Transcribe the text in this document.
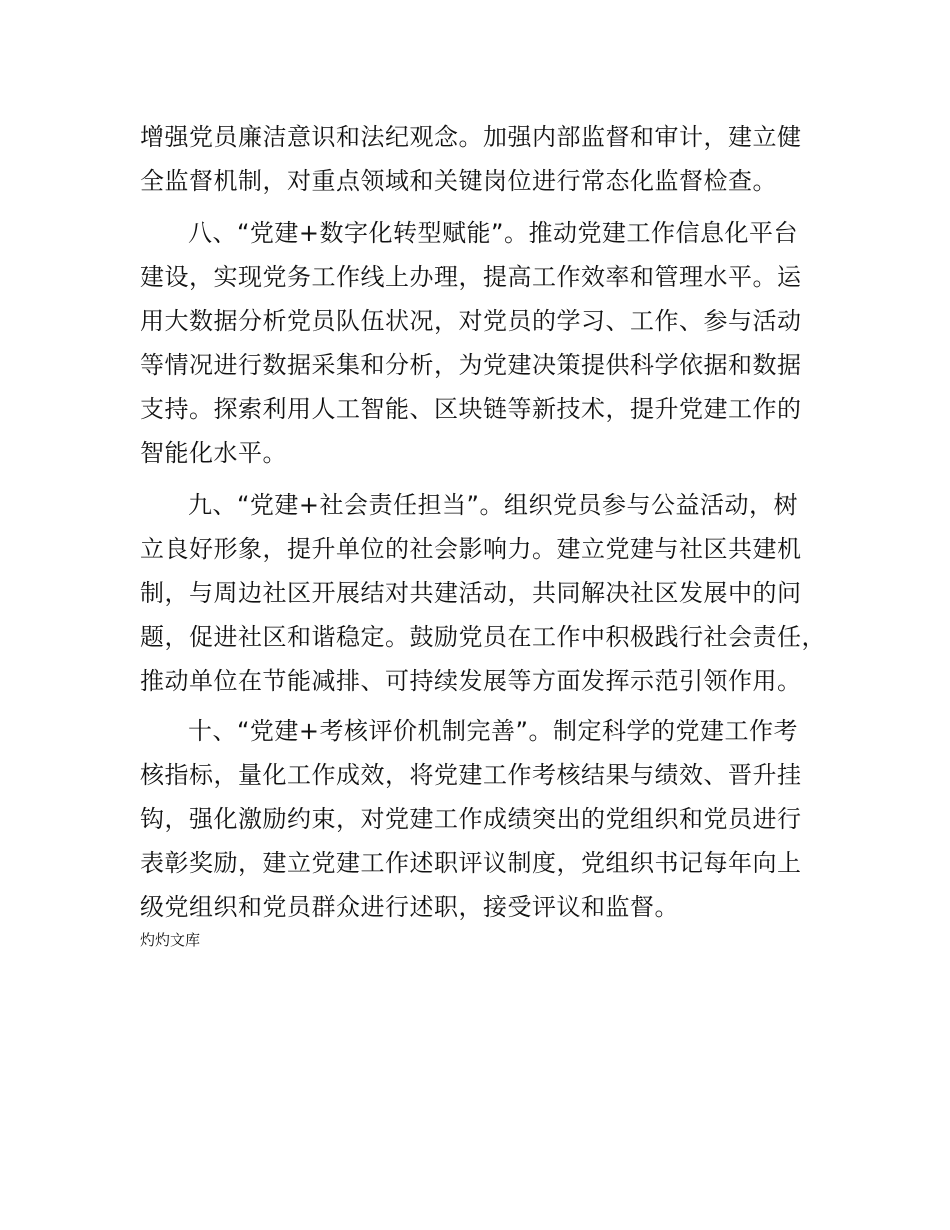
增强党员廉洁意识和法纪观念。加强内部监督和审计，建立健

全监督机制，对重点领域和关键岗位进行常态化监督检查。

八、“党建+数字化转型赋能”。推动党建工作信息化平台

建设，实现党务工作线上办理，提高工作效率和管理水平。运

用大数据分析党员队伍状况，对党员的学习、工作、参与活动

等情况进行数据采集和分析，为党建决策提供科学依据和数据

支持。探索利用人工智能、区块链等新技术，提升党建工作的

智能化水平。

九、“党建+社会责任担当”。组织党员参与公益活动，树

立良好形象，提升单位的社会影响力。建立党建与社区共建机

制，与周边社区开展结对共建活动，共同解决社区发展中的问

题，促进社区和谐稳定。鼓励党员在工作中积极践行社会责任，

推动单位在节能减排、可持续发展等方面发挥示范引领作用。

十、“党建+考核评价机制完善”。制定科学的党建工作考

核指标，量化工作成效，将党建工作考核结果与绩效、晋升挂

钩，强化激励约束，对党建工作成绩突出的党组织和党员进行

表彰奖励，建立党建工作述职评议制度，党组织书记每年向上

级党组织和党员群众进行述职，接受评议和监督。

灼灼文库
